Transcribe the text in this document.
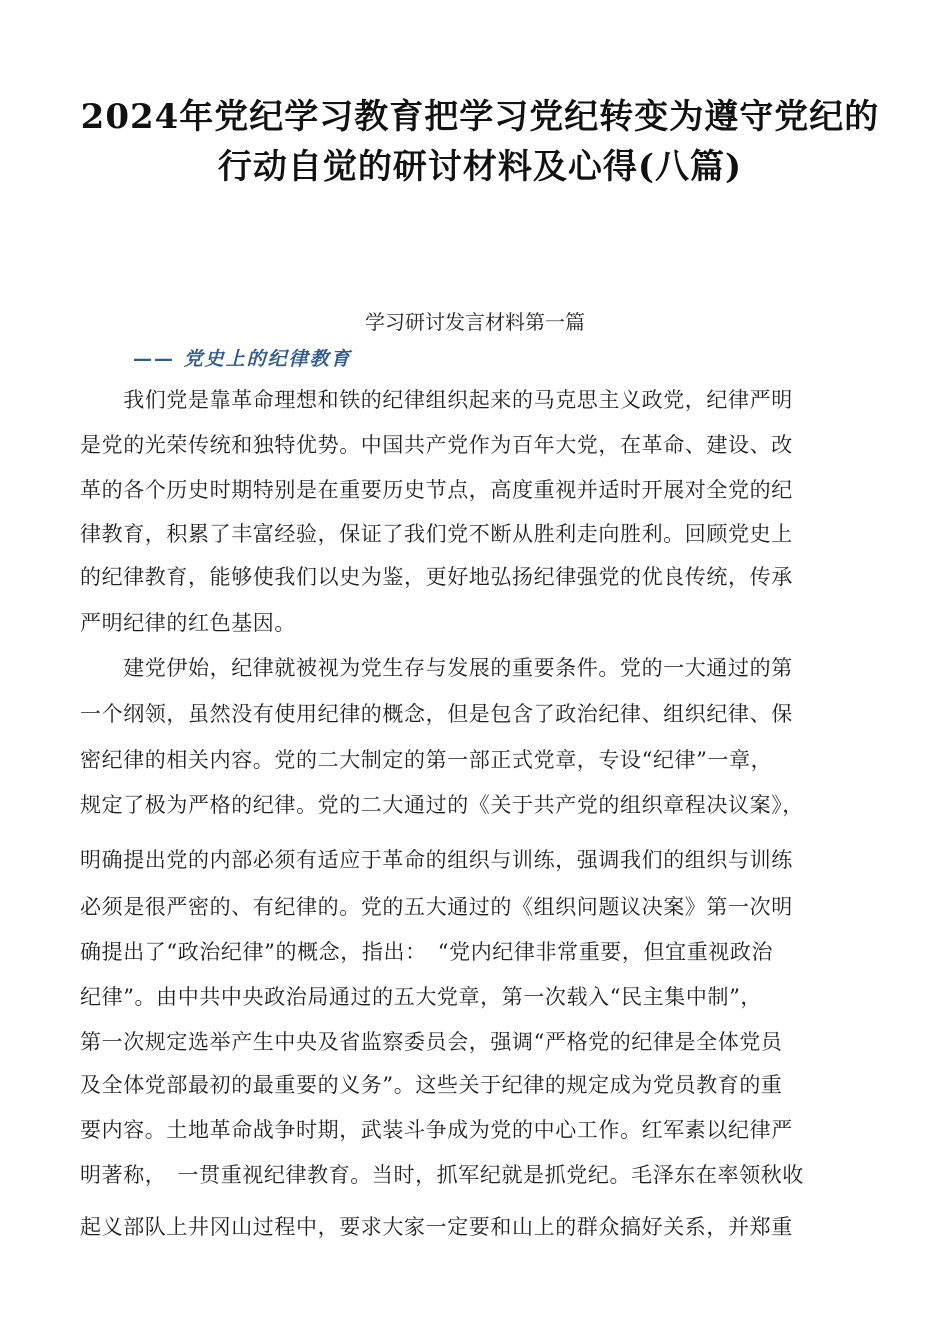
2024年党纪学习教育把学习党纪转变为遵守党纪的
行动自觉的研讨材料及心得(八篇)

学习研讨发言材料第一篇

—— 党史上的纪律教育

　　我们党是靠革命理想和铁的纪律组织起来的马克思主义政党，纪律严明

是党的光荣传统和独特优势。中国共产党作为百年大党，在革命、建设、改

革的各个历史时期特别是在重要历史节点，高度重视并适时开展对全党的纪

律教育，积累了丰富经验，保证了我们党不断从胜利走向胜利。回顾党史上

的纪律教育，能够使我们以史为鉴，更好地弘扬纪律强党的优良传统，传承

严明纪律的红色基因。

　　建党伊始，纪律就被视为党生存与发展的重要条件。党的一大通过的第

一个纲领，虽然没有使用纪律的概念，但是包含了政治纪律、组织纪律、保

密纪律的相关内容。党的二大制定的第一部正式党章，专设“纪律”一章，

规定了极为严格的纪律。党的二大通过的《关于共产党的组织章程决议案》，

明确提出党的内部必须有适应于革命的组织与训练，强调我们的组织与训练

必须是很严密的、有纪律的。党的五大通过的《组织问题议决案》第一次明

确提出了“政治纪律”的概念，指出：　“党内纪律非常重要，但宜重视政治

纪律”。由中共中央政治局通过的五大党章，第一次载入“民主集中制”，

第一次规定选举产生中央及省监察委员会，强调“严格党的纪律是全体党员

及全体党部最初的最重要的义务”。这些关于纪律的规定成为党员教育的重

要内容。土地革命战争时期，武装斗争成为党的中心工作。红军素以纪律严

明著称，　一贯重视纪律教育。当时，抓军纪就是抓党纪。毛泽东在率领秋收

起义部队上井冈山过程中，要求大家一定要和山上的群众搞好关系，并郑重
